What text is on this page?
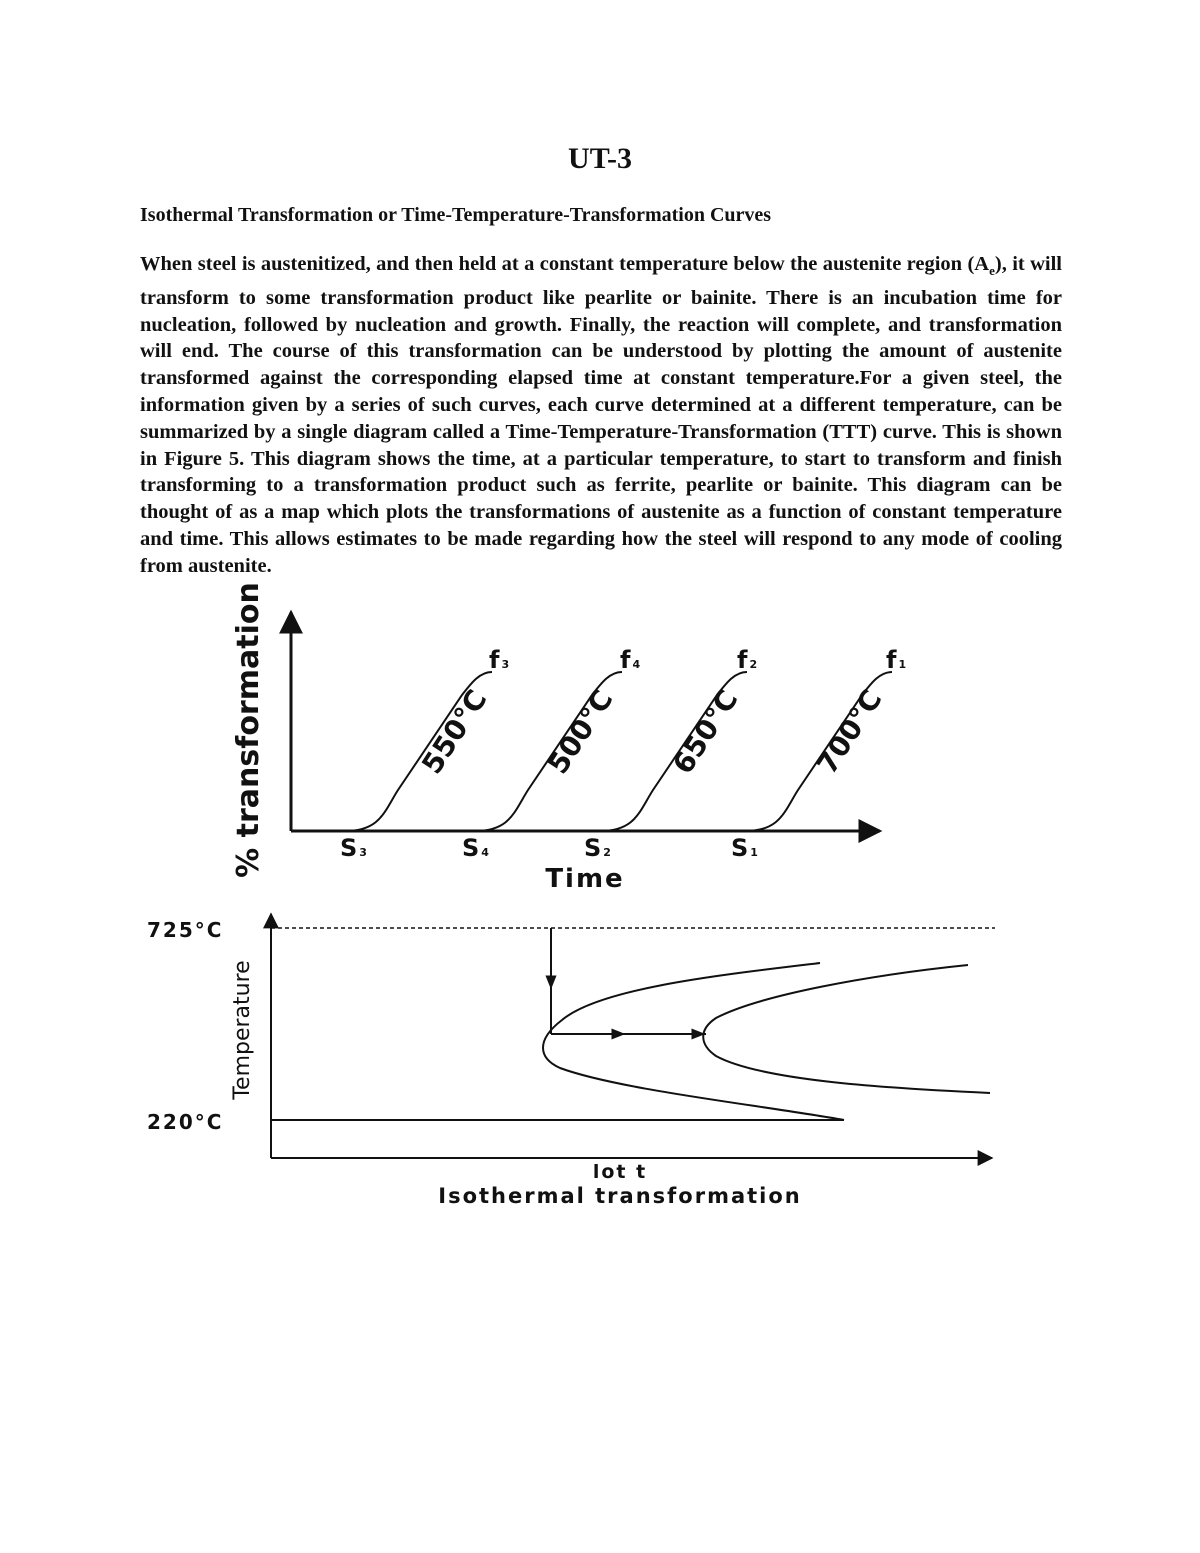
UT-3
Isothermal Transformation or Time-Temperature-Transformation Curves

When steel is austenitized, and then held at a constant temperature below the austenite region $(A_e)$, it will transform to some transformation product like pearlite or bainite. There is an incubation time for nucleation, followed by nucleation and growth. Finally, the reaction will complete, and transformation will end. The course of this transformation can be understood by plotting the amount of austenite transformed against the corresponding elapsed time at constant temperature.For a given steel, the information given by a series of such curves, each curve determined at a different temperature, can be summarized by a single diagram called a Time-Temperature-Transformation (TTT) curve. This is shown in Figure 5. This diagram shows the time, at a particular temperature, to start to transform and finish transforming to a transformation product such as ferrite, pearlite or bainite. This diagram can be thought of as a map which plots the transformations of austenite as a function of constant temperature and time. This allows estimates to be made regarding how the steel will respond to any mode of cooling from austenite.

% transformation
Time
550°C 500°C 650°C 700°C
f 3	f 4	f 2	f 1
S 3	S 4	S 2	S 1
725°C
220°C
Temperature
lot t
Isothermal transformation
